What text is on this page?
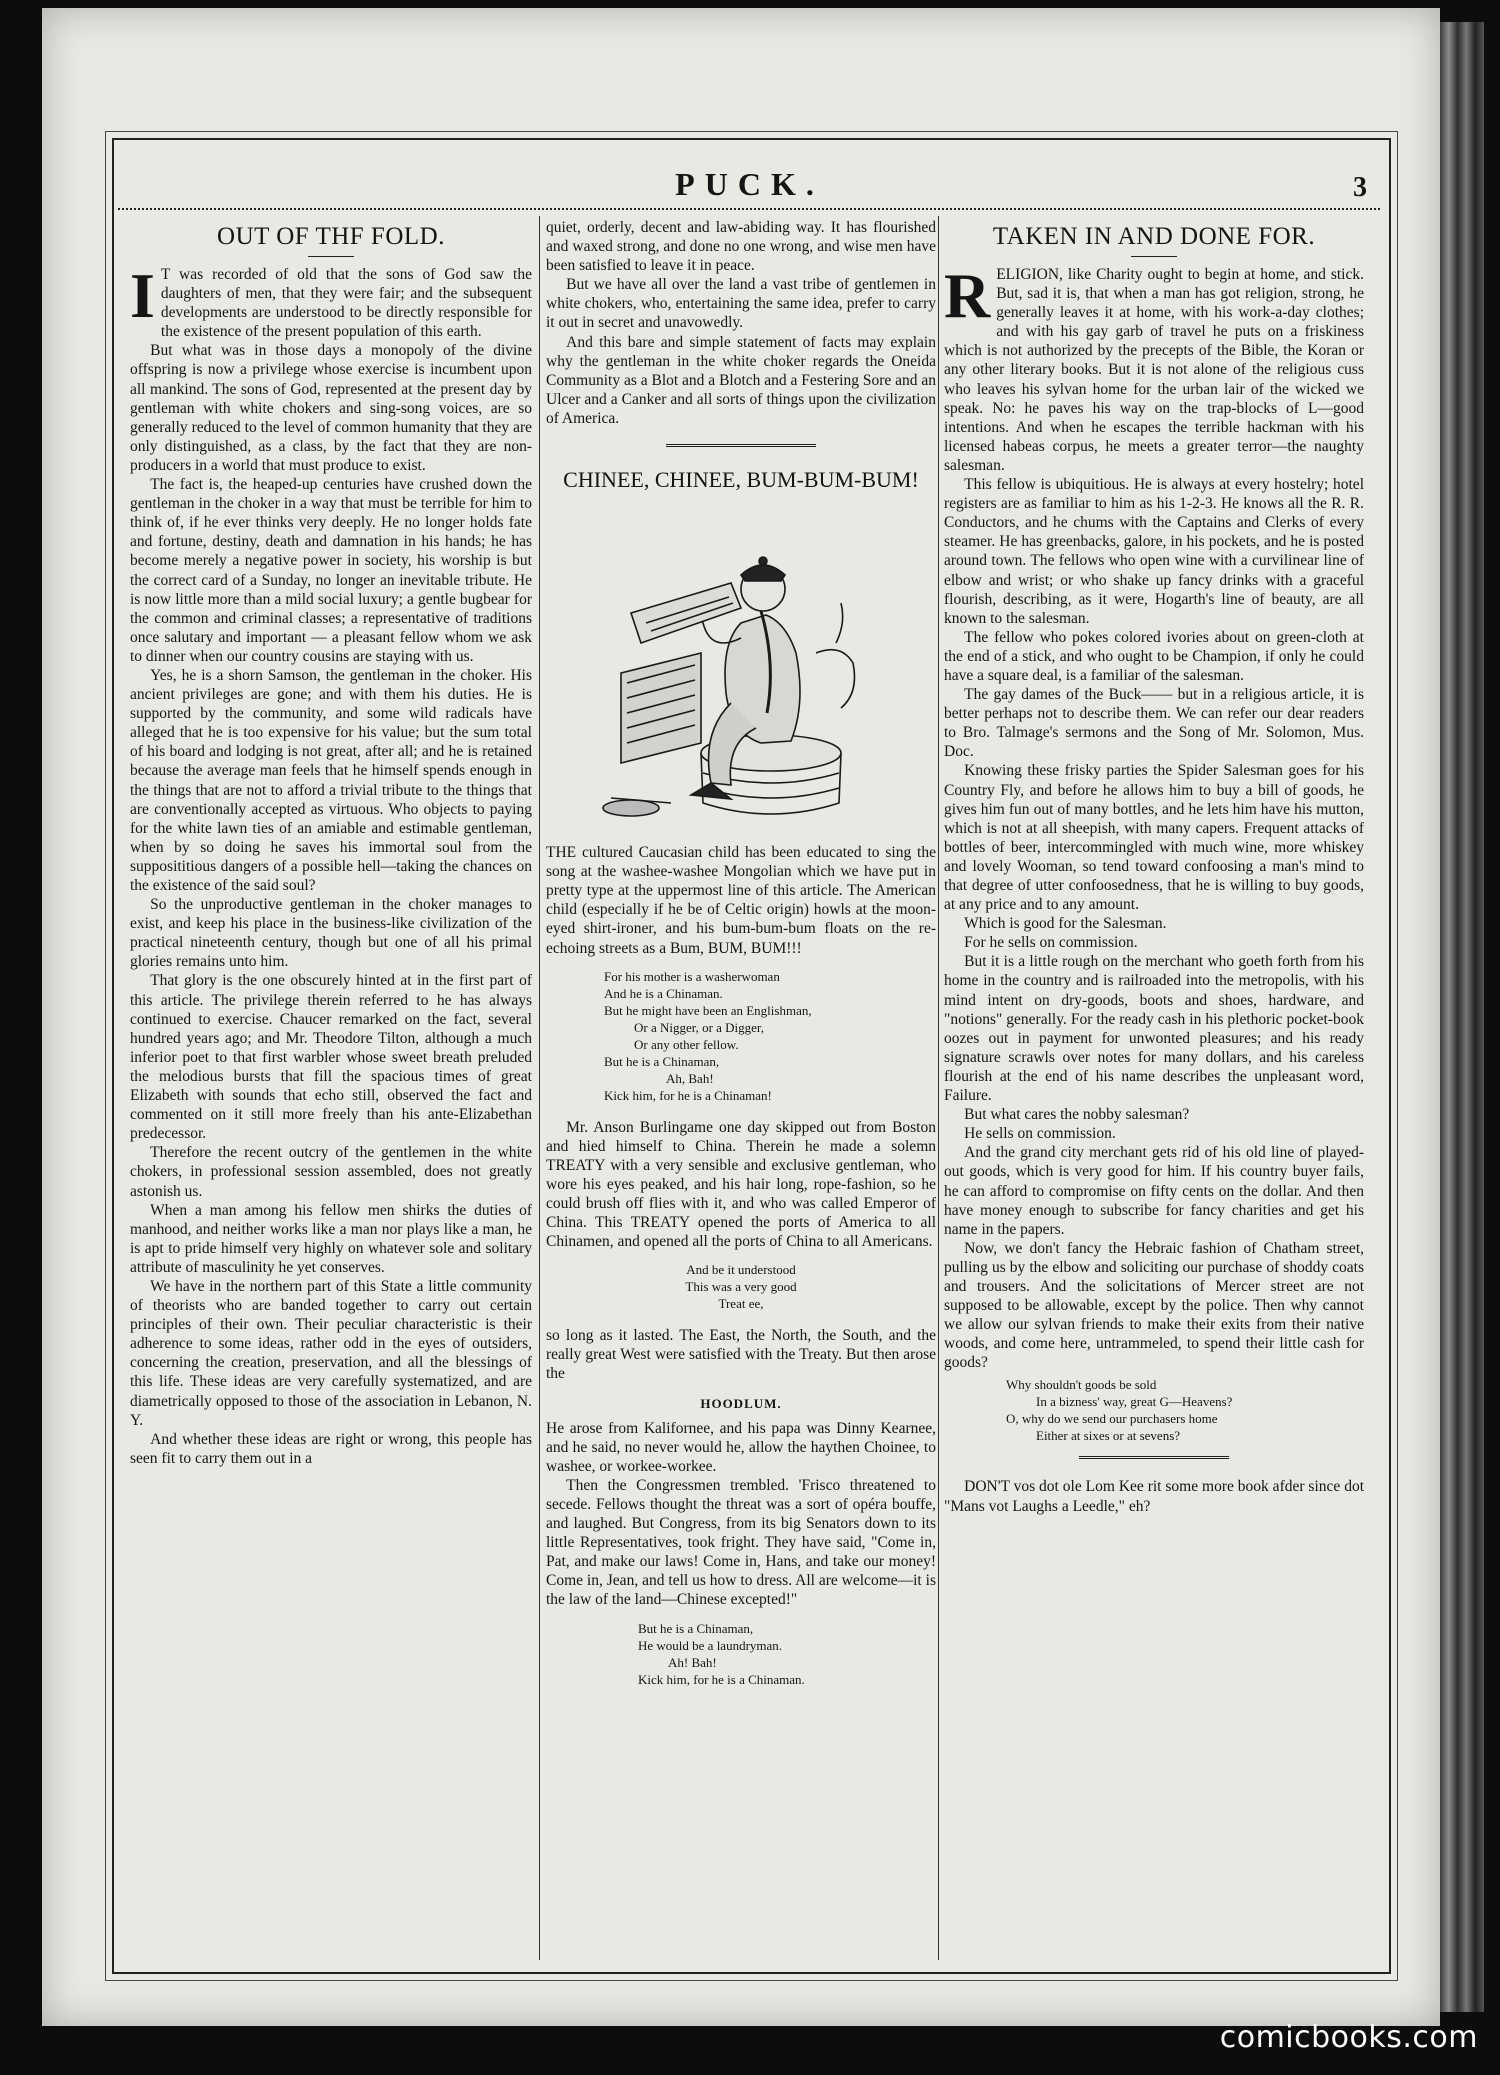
PUCK.	3
OUT OF THF FOLD.

I T was recorded of old that the sons of God saw the daughters of men, that they were fair; and the subsequent developments are understood to be directly responsible for the existence of the present population of this earth.

But what was in those days a monopoly of the divine offspring is now a privilege whose exercise is incumbent upon all mankind. The sons of God, represented at the present day by gentleman with white chokers and sing-song voices, are so generally reduced to the level of common humanity that they are only distinguished, as a class, by the fact that they are non-producers in a world that must produce to exist.

The fact is, the heaped-up centuries have crushed down the gentleman in the choker in a way that must be terrible for him to think of, if he ever thinks very deeply. He no longer holds fate and fortune, destiny, death and damnation in his hands; he has become merely a negative power in society, his worship is but the correct card of a Sunday, no longer an inevitable tribute. He is now little more than a mild social luxury; a gentle bugbear for the common and criminal classes; a representative of traditions once salutary and important — a pleasant fellow whom we ask to dinner when our country cousins are staying with us.

Yes, he is a shorn Samson, the gentleman in the choker. His ancient privileges are gone; and with them his duties. He is supported by the community, and some wild radicals have alleged that he is too expensive for his value; but the sum total of his board and lodging is not great, after all; and he is retained because the average man feels that he himself spends enough in the things that are not to afford a trivial tribute to the things that are conventionally accepted as virtuous. Who objects to paying for the white lawn ties of an amiable and estimable gentleman, when by so doing he saves his immortal soul from the supposititious dangers of a possible hell—taking the chances on the existence of the said soul?

So the unproductive gentleman in the choker manages to exist, and keep his place in the business-like civilization of the practical nineteenth century, though but one of all his primal glories remains unto him.

That glory is the one obscurely hinted at in the first part of this article. The privilege therein referred to he has always continued to exercise. Chaucer remarked on the fact, several hundred years ago; and Mr. Theodore Tilton, although a much inferior poet to that first warbler whose sweet breath preluded the melodious bursts that fill the spacious times of great Elizabeth with sounds that echo still, observed the fact and commented on it still more freely than his ante-Elizabethan predecessor.

Therefore the recent outcry of the gentlemen in the white chokers, in professional session assembled, does not greatly astonish us.

When a man among his fellow men shirks the duties of manhood, and neither works like a man nor plays like a man, he is apt to pride himself very highly on whatever sole and solitary attribute of masculinity he yet conserves.

We have in the northern part of this State a little community of theorists who are banded together to carry out certain principles of their own. Their peculiar characteristic is their adherence to some ideas, rather odd in the eyes of outsiders, concerning the creation, preservation, and all the blessings of this life. These ideas are very carefully systematized, and are diametrically opposed to those of the association in Lebanon, N. Y.

And whether these ideas are right or wrong, this people has seen fit to carry them out in a

quiet, orderly, decent and law-abiding way. It has flourished and waxed strong, and done no one wrong, and wise men have been satisfied to leave it in peace.

But we have all over the land a vast tribe of gentlemen in white chokers, who, entertaining the same idea, prefer to carry it out in secret and unavowedly.

And this bare and simple statement of facts may explain why the gentleman in the white choker regards the Oneida Community as a Blot and a Blotch and a Festering Sore and an Ulcer and a Canker and all sorts of things upon the civilization of America.

CHINEE, CHINEE, BUM-BUM-BUM!

THE cultured Caucasian child has been educated to sing the song at the washee-washee Mongolian which we have put in pretty type at the uppermost line of this article. The American child (especially if he be of Celtic origin) howls at the moon-eyed shirt-ironer, and his bum-bum-bum floats on the re-echoing streets as a Bum, BUM, BUM!!!

For his mother is a washerwoman
And he is a Chinaman.
But he might have been an Englishman,
Or a Nigger, or a Digger,
Or any other fellow.
But he is a Chinaman,
Ah, Bah!
Kick him, for he is a Chinaman!

Mr. Anson Burlingame one day skipped out from Boston and hied himself to China. Therein he made a solemn TREATY with a very sensible and exclusive gentleman, who wore his eyes peaked, and his hair long, rope-fashion, so he could brush off flies with it, and who was called Emperor of China. This TREATY opened the ports of America to all Chinamen, and opened all the ports of China to all Americans.

And be it understood
This was a very good
Treat ee,

so long as it lasted. The East, the North, the South, and the really great West were satisfied with the Treaty. But then arose the

HOODLUM.

He arose from Kalifornee, and his papa was Dinny Kearnee, and he said, no never would he, allow the haythen Choinee, to washee, or workee-workee.

Then the Congressmen trembled. 'Frisco threatened to secede. Fellows thought the threat was a sort of opéra bouffe, and laughed. But Congress, from its big Senators down to its little Representatives, took fright. They have said, "Come in, Pat, and make our laws! Come in, Hans, and take our money! Come in, Jean, and tell us how to dress. All are welcome—it is the law of the land—Chinese excepted!"

But he is a Chinaman,
He would be a laundryman.
Ah! Bah!
Kick him, for he is a Chinaman.
TAKEN IN AND DONE FOR.

RELIGION, like Charity ought to begin at home, and stick. But, sad it is, that when a man has got religion, strong, he generally leaves it at home, with his work-a-day clothes; and with his gay garb of travel he puts on a friskiness which is not authorized by the precepts of the Bible, the Koran or any other literary books. But it is not alone of the religious cuss who leaves his sylvan home for the urban lair of the wicked we speak. No: he paves his way on the trap-blocks of L—good intentions. And when he escapes the terrible hackman with his licensed habeas corpus, he meets a greater terror—the naughty salesman.

This fellow is ubiquitious. He is always at every hostelry; hotel registers are as familiar to him as his 1-2-3. He knows all the R. R. Conductors, and he chums with the Captains and Clerks of every steamer. He has greenbacks, galore, in his pockets, and he is posted around town. The fellows who open wine with a curvilinear line of elbow and wrist; or who shake up fancy drinks with a graceful flourish, describing, as it were, Hogarth's line of beauty, are all known to the salesman.

The fellow who pokes colored ivories about on green-cloth at the end of a stick, and who ought to be Champion, if only he could have a square deal, is a familiar of the salesman.

The gay dames of the Buck—— but in a religious article, it is better perhaps not to describe them. We can refer our dear readers to Bro. Talmage's sermons and the Song of Mr. Solomon, Mus. Doc.

Knowing these frisky parties the Spider Salesman goes for his Country Fly, and before he allows him to buy a bill of goods, he gives him fun out of many bottles, and he lets him have his mutton, which is not at all sheepish, with many capers. Frequent attacks of bottles of beer, intercommingled with much wine, more whiskey and lovely Wooman, so tend toward confoosing a man's mind to that degree of utter confoosedness, that he is willing to buy goods, at any price and to any amount.

Which is good for the Salesman.

For he sells on commission.

But it is a little rough on the merchant who goeth forth from his home in the country and is railroaded into the metropolis, with his mind intent on dry-goods, boots and shoes, hardware, and "notions" generally. For the ready cash in his plethoric pocket-book oozes out in payment for unwonted pleasures; and his ready signature scrawls over notes for many dollars, and his careless flourish at the end of his name describes the unpleasant word, Failure.

But what cares the nobby salesman?

He sells on commission.

And the grand city merchant gets rid of his old line of played-out goods, which is very good for him. If his country buyer fails, he can afford to compromise on fifty cents on the dollar. And then have money enough to subscribe for fancy charities and get his name in the papers.

Now, we don't fancy the Hebraic fashion of Chatham street, pulling us by the elbow and soliciting our purchase of shoddy coats and trousers. And the solicitations of Mercer street are not supposed to be allowable, except by the police. Then why cannot we allow our sylvan friends to make their exits from their native woods, and come here, untrammeled, to spend their little cash for goods?

Why shouldn't goods be sold
In a bizness' way, great G—Heavens?
O, why do we send our purchasers home
Either at sixes or at sevens?

DON'T vos dot ole Lom Kee rit some more book afder since dot "Mans vot Laughs a Leedle," eh?

comicbooks.com
